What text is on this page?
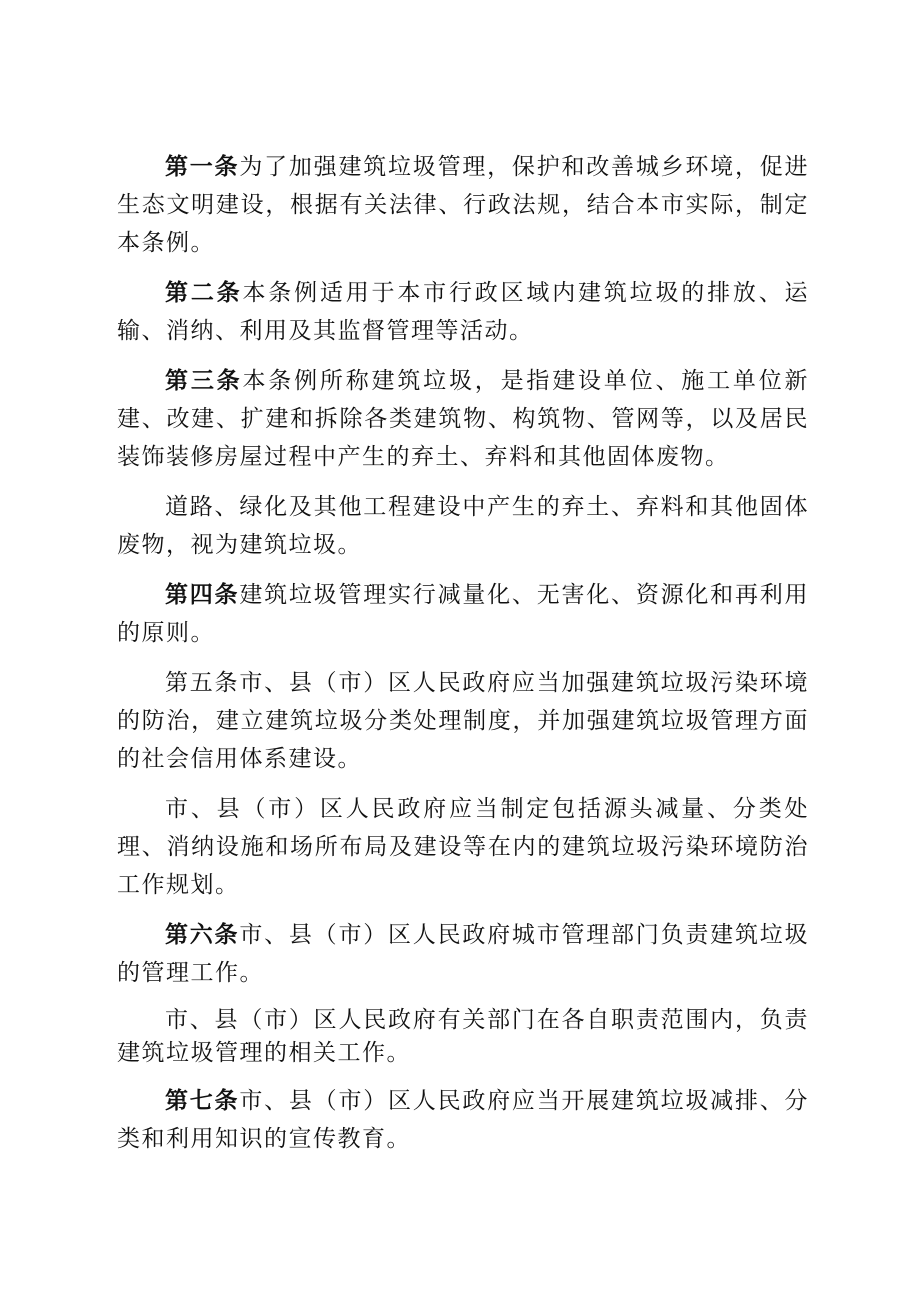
第一条为了加强建筑垃圾管理，保护和改善城乡环境，促进生态文明建设，根据有关法律、行政法规，结合本市实际，制定本条例。

第二条本条例适用于本市行政区域内建筑垃圾的排放、运输、消纳、利用及其监督管理等活动。

第三条本条例所称建筑垃圾，是指建设单位、施工单位新建、改建、扩建和拆除各类建筑物、构筑物、管网等，以及居民装饰装修房屋过程中产生的弃土、弃料和其他固体废物。

道路、绿化及其他工程建设中产生的弃土、弃料和其他固体废物，视为建筑垃圾。

第四条建筑垃圾管理实行减量化、无害化、资源化和再利用的原则。

第五条市、县（市）区人民政府应当加强建筑垃圾污染环境的防治，建立建筑垃圾分类处理制度，并加强建筑垃圾管理方面的社会信用体系建设。

市、县（市）区人民政府应当制定包括源头减量、分类处理、消纳设施和场所布局及建设等在内的建筑垃圾污染环境防治工作规划。

第六条市、县（市）区人民政府城市管理部门负责建筑垃圾的管理工作。

市、县（市）区人民政府有关部门在各自职责范围内，负责建筑垃圾管理的相关工作。

第七条市、县（市）区人民政府应当开展建筑垃圾减排、分类和利用知识的宣传教育。
